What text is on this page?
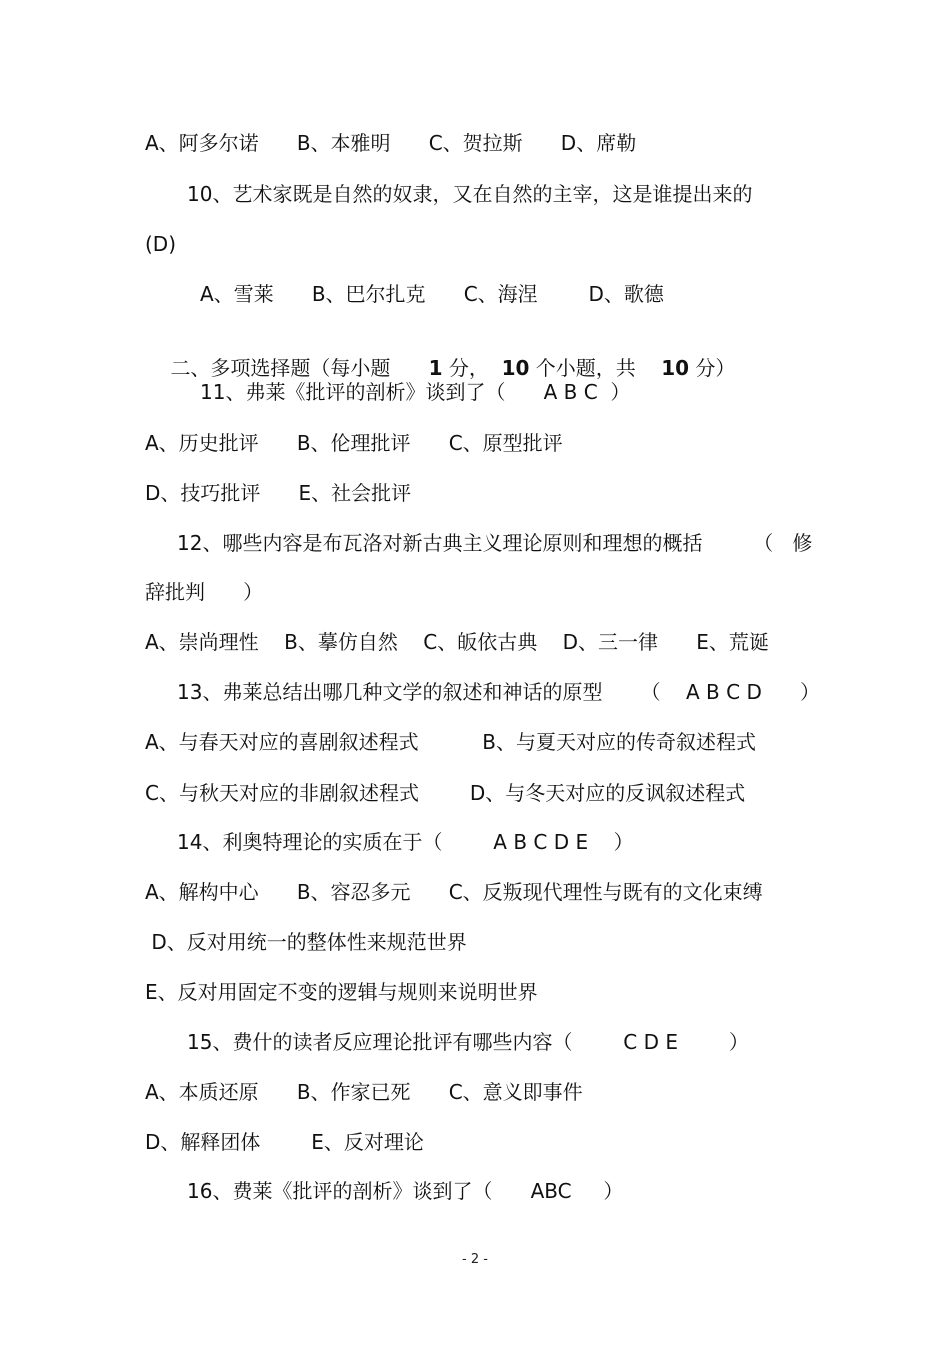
A、阿多尔诺      B、本雅明      C、贺拉斯      D、席勒
10、艺术家既是自然的奴隶，又在自然的主宰，这是谁提出来的
(D)
A、雪莱      B、巴尔扎克      C、海涅        D、歌德

二、多项选择题（每小题      1 分，  10 个小题，共    10 分）

11、弗莱《批评的剖析》谈到了（      A B C  ）
A、历史批评      B、伦理批评      C、原型批评
D、技巧批评      E、社会批评
12、哪些内容是布瓦洛对新古典主义理论原则和理想的概括        （   修
辞批判      ）
A、崇尚理性    B、摹仿自然    C、皈依古典    D、三一律      E、荒诞
13、弗莱总结出哪几种文学的叙述和神话的原型      （    A B C D      ）
A、与春天对应的喜剧叙述程式          B、与夏天对应的传奇叙述程式
C、与秋天对应的非剧叙述程式        D、与冬天对应的反讽叙述程式
14、利奥特理论的实质在于（        A B C D E    ）
A、解构中心      B、容忍多元      C、反叛现代理性与既有的文化束缚
D、反对用统一的整体性来规范世界
E、反对用固定不变的逻辑与规则来说明世界
15、费什的读者反应理论批评有哪些内容（        C D E        ）
A、本质还原      B、作家已死      C、意义即事件
D、解释团体        E、反对理论
16、费莱《批评的剖析》谈到了（      ABC     ）
- 2 -
